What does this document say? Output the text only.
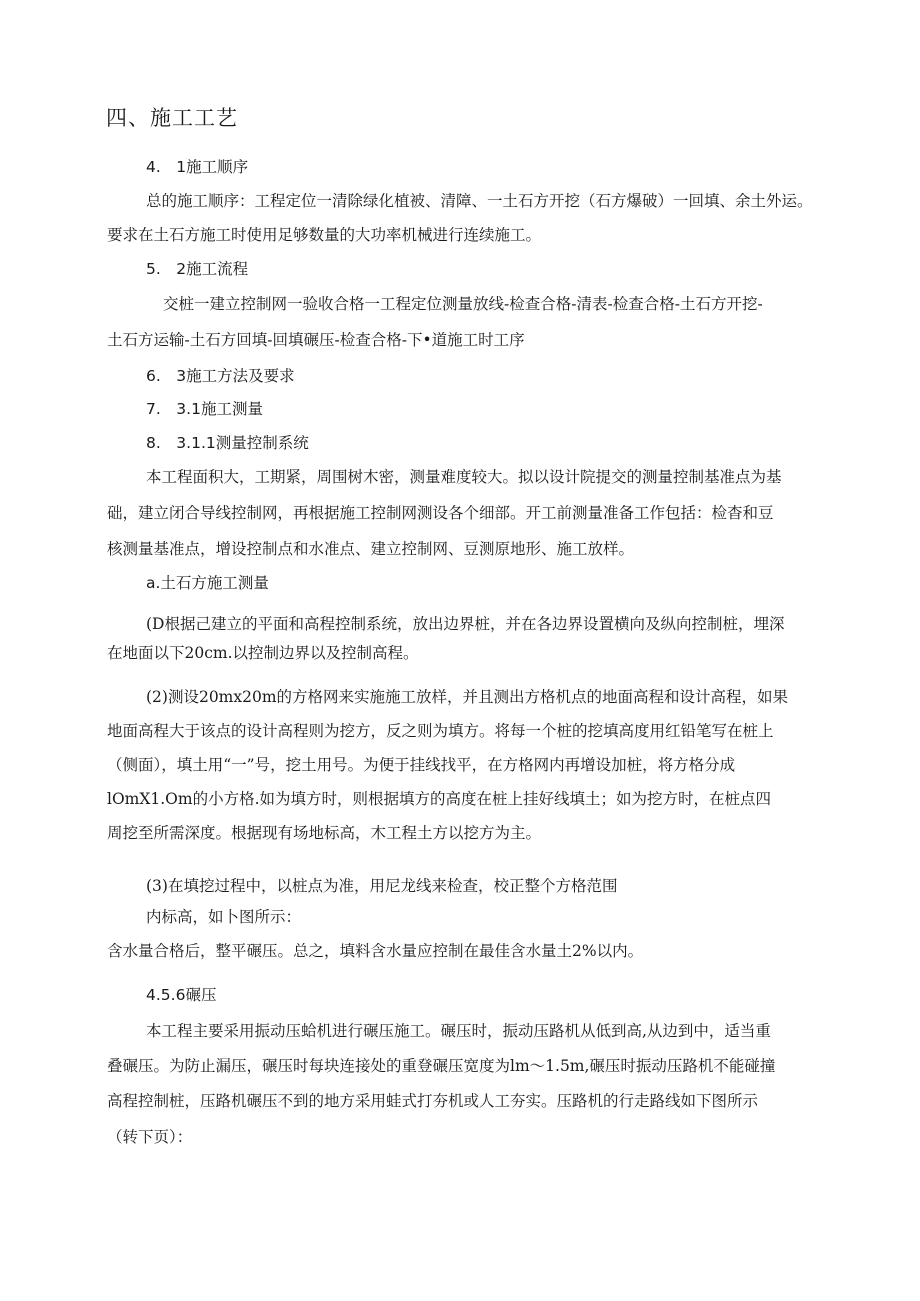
四、施工工艺
4.　1施工顺序
总的施工顺序：工程定位一清除绿化植被、清障、一土石方开挖（石方爆破）一回填、余土外运。
要求在土石方施工时使用足够数量的大功率机械进行连续施工。
5.　2施工流程
交桩一建立控制网一验收合格一工程定位测量放线-检查合格-清表-检查合格-土石方开挖-
土石方运输-土石方回填-回填碾压-检查合格-下•道施工时工序
6.　3施工方法及要求
7.　3.1施工测量
8.　3.1.1测量控制系统
本工程面积大，工期紧，周围树木密，测量难度较大。拟以设计院提交的测量控制基准点为基
础，建立闭合导线控制网，再根据施工控制网测设各个细部。开工前测量准备工作包括：检杳和豆
核测量基准点，增设控制点和水准点、建立控制网、豆测原地形、施工放样。
a.土石方施工测量
(D根据己建立的平面和高程控制系统，放出边界桩，并在各边界设置横向及纵向控制桩，埋深
在地面以下20cm.以控制边界以及控制高程。
(2)测设20mx20m的方格网来实施施工放样，并且测出方格机点的地面高程和设计高程，如果
地面高程大于该点的设计高程则为挖方，反之则为填方。将每一个桩的挖填高度用红铅笔写在桩上
（侧面），填土用“一”号，挖土用号。为便于挂线找平，在方格网内再增设加桩，将方格分成
lOmX1.Om的小方格.如为填方时，则根据填方的高度在桩上挂好线填土；如为挖方时，在桩点四
周挖至所需深度。根据现有场地标高，木工程土方以挖方为主。
(3)在填挖过程中，以桩点为准，用尼龙线来检查，校正整个方格范围
内标高，如卜图所示：
含水量合格后，整平碾压。总之，填料含水量应控制在最佳含水量土2%以内。
4.5.6碾压
本工程主要采用振动压蛤机进行碾压施工。碾压时，振动压路机从低到高,从边到中，适当重
叠碾压。为防止漏压，碾压时每块连接处的重登碾压宽度为lm〜1.5m,碾压时振动压路机不能碰撞
高程控制桩，压路机碾压不到的地方采用蛙式打夯机或人工夯实。压路机的行走路线如下图所示
（转下页）：
